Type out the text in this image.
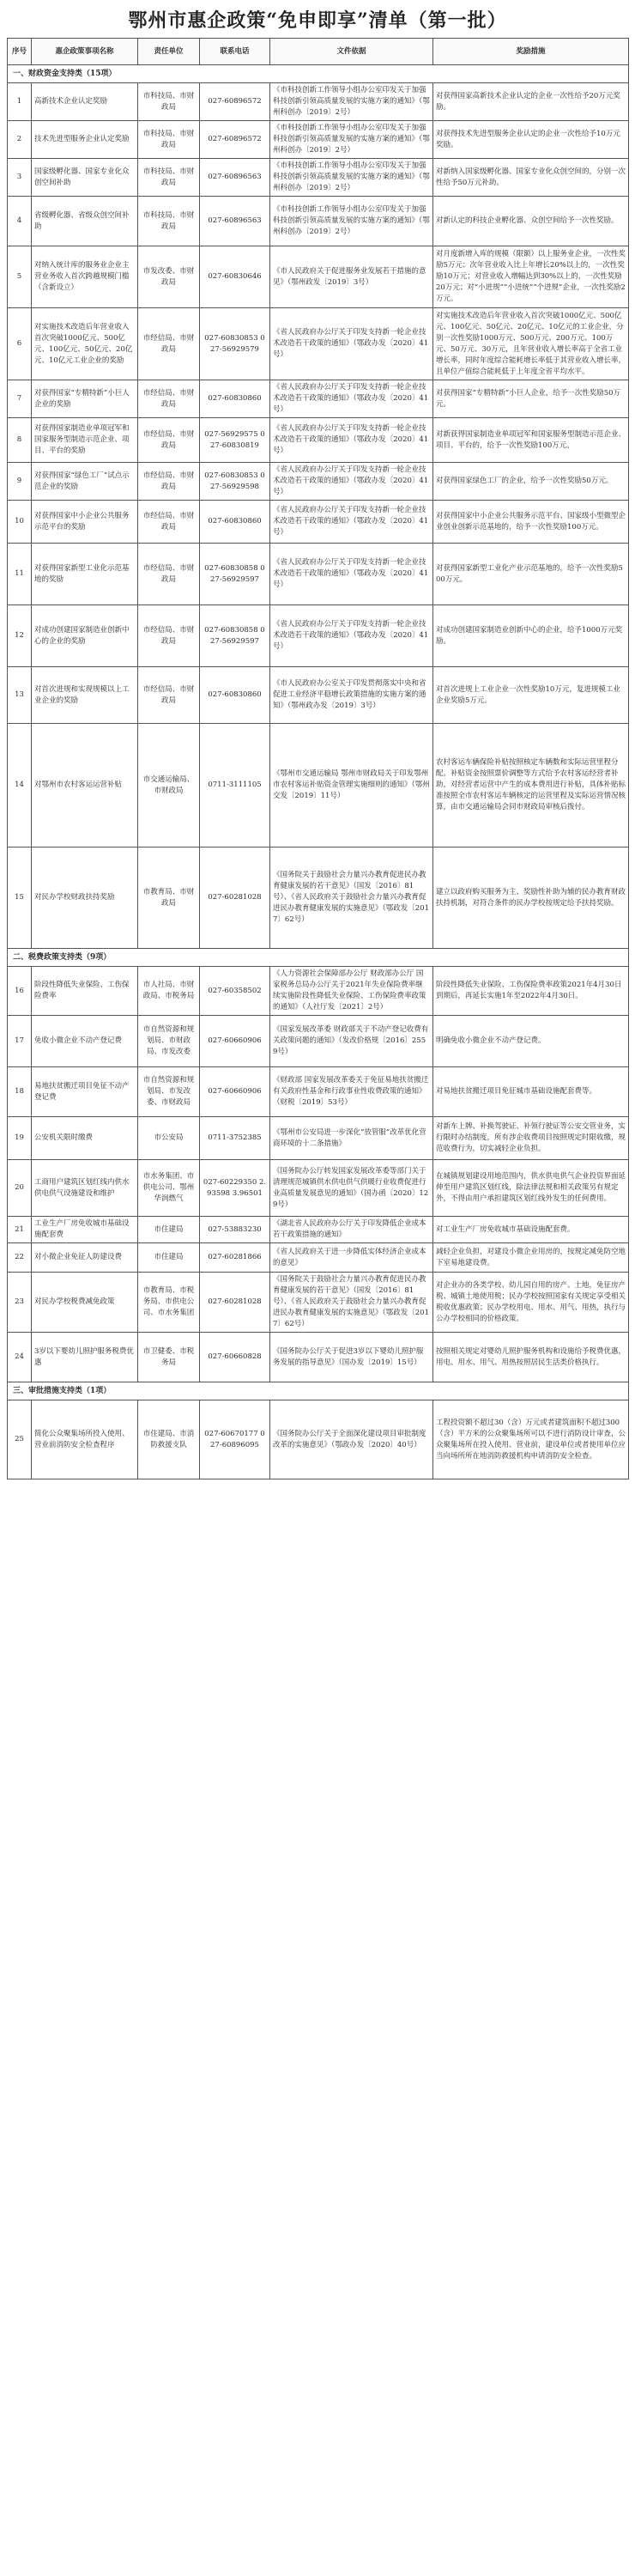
鄂州市惠企政策“免申即享”清单（第一批）
序号	惠企政策事项名称	责任单位	联系电话	文件依据	奖励措施
一、财政资金支持类（15项）					
1	高新技术企业认定奖励	市科技局、市财政局	027-60896572	《市科技创新工作领导小组办公室印发关于加强科技创新引领高质量发展的实施方案的通知》（鄂州科创办〔2019〕2号）	对获得国家高新技术企业认定的企业一次性给予20万元奖励。
2	技术先进型服务企业认定奖励	市科技局、市财政局	027-60896572	《市科技创新工作领导小组办公室印发关于加强科技创新引领高质量发展的实施方案的通知》（鄂州科创办〔2019〕2号）	对获得技术先进型服务企业认定的企业一次性给予10万元奖励。
3	国家级孵化器、国家专业化众创空间补助	市科技局、市财政局	027-60896563	《市科技创新工作领导小组办公室印发关于加强科技创新引领高质量发展的实施方案的通知》（鄂州科创办〔2019〕2号）	对新纳入国家级孵化器、国家专业化众创空间的，分别一次性给予50万元补助。
4	省级孵化器、省级众创空间补助	市科技局、市财政局	027-60896563	《市科技创新工作领导小组办公室印发关于加强科技创新引领高质量发展的实施方案的通知》（鄂州科创办〔2019〕2号）	对新认定的科技企业孵化器、众创空间给予一次性奖励。
5	对纳入统计库的服务业企业主营业务收入首次跨越规模门槛（含新设立）	市发改委、市财政局	027-60830646	《市人民政府关于促进服务业发展若干措施的意见》（鄂州政发〔2019〕3号）	对月度新增入库的规模（限额）以上服务业企业，一次性奖励5万元；次年营业收入比上年增长20%以上的，一次性奖励10万元；对营业收入增幅达到30%以上的，一次性奖励20万元；对“小进规”“小进统”“个进规”企业，一次性奖励2万元。
6	对实施技术改造后年营业收入首次突破1000亿元、500亿元、100亿元、50亿元、20亿元、10亿元工业企业的奖励	市经信局、市财政局	027-60830853 027-56929579	《省人民政府办公厅关于印发支持新一轮企业技术改造若干政策的通知》（鄂政办发〔2020〕41号）	对实施技术改造后年营业收入首次突破1000亿元、500亿元、100亿元、50亿元、20亿元、10亿元的工业企业，分别一次性奖励1000万元、500万元、200万元、100万元、50万元、30万元，且年营业收入增长率高于全省工业增长率，同时年度综合能耗增长率低于其营业收入增长率，且单位产值综合能耗低于上年度全省平均水平。
7	对获得国家“专精特新”小巨人企业的奖励	市经信局、市财政局	027-60830860	《省人民政府办公厅关于印发支持新一轮企业技术改造若干政策的通知》（鄂政办发〔2020〕41号）	对获得国家“专精特新”小巨人企业，给予一次性奖励50万元。
8	对获得国家制造业单项冠军和国家服务型制造示范企业、项目、平台的奖励	市经信局、市财政局	027-56929575 027-60830819	《省人民政府办公厅关于印发支持新一轮企业技术改造若干政策的通知》（鄂政办发〔2020〕41号）	对新获得国家制造业单项冠军和国家服务型制造示范企业、项目、平台的，给予一次性奖励100万元。
9	对获得国家“绿色工厂”试点示范企业的奖励	市经信局、市财政局	027-60830853 027-56929598	《省人民政府办公厅关于印发支持新一轮企业技术改造若干政策的通知》（鄂政办发〔2020〕41号）	对获得国家绿色工厂的企业，给予一次性奖励50万元。
10	对获得国家中小企业公共服务示范平台的奖励	市经信局、市财政局	027-60830860	《省人民政府办公厅关于印发支持新一轮企业技术改造若干政策的通知》（鄂政办发〔2020〕41号）	对获得国家中小企业公共服务示范平台、国家级小型微型企业创业创新示范基地的，给予一次性奖励100万元。
11	对获得国家新型工业化示范基地的奖励	市经信局、市财政局	027-60830858 027-56929597	《省人民政府办公厅关于印发支持新一轮企业技术改造若干政策的通知》（鄂政办发〔2020〕41号）	对获得国家新型工业化产业示范基地的，给予一次性奖励500万元。
12	对成功创建国家制造业创新中心的企业的奖励	市经信局、市财政局	027-60830858 027-56929597	《省人民政府办公厅关于印发支持新一轮企业技术改造若干政策的通知》（鄂政办发〔2020〕41号）	对成功创建国家制造业创新中心的企业，给予1000万元奖励。
13	对首次进规和实现规模以上工业企业的奖励	市经信局、市财政局	027-60830860	《市人民政府办公室关于印发贯彻落实中央和省促进工业经济平稳增长政策措施的实施方案的通知》（鄂州政办发〔2019〕3号）	对首次进规上工业企业一次性奖励10万元，复进规模工业企业奖励5万元。
14	对鄂州市农村客运运营补贴	市交通运输局、市财政局	0711-3111105	《鄂州市交通运输局 鄂州市财政局关于印发鄂州市农村客运补贴资金管理实施细则的通知》（鄂州交发〔2019〕11号）	农村客运车辆保险补贴按照核定车辆数和实际运营里程分配。补贴资金按照票价调整等方式给予农村客运经营者补助，对经营者运营中产生的成本费用进行补贴，具体补贴标准按照全市农村客运车辆核定的运营里程及实际运营情况核算，由市交通运输局会同市财政局审核后拨付。
15	对民办学校财政扶持奖励	市教育局、市财政局	027-60281028	《国务院关于鼓励社会力量兴办教育促进民办教育健康发展的若干意见》（国发〔2016〕81号）、《省人民政府关于鼓励社会力量兴办教育促进民办教育健康发展的实施意见》（鄂政发〔2017〕62号）	建立以政府购买服务为主、奖励性补助为辅的民办教育财政扶持机制，对符合条件的民办学校按规定给予扶持奖励。
二、税费政策支持类（9项）					
16	阶段性降低失业保险、工伤保险费率	市人社局、市财政局、市税务局	027-60358502	《人力资源社会保障部办公厅 财政部办公厅 国家税务总局办公厅关于2021年失业保险费率继续实施阶段性降低失业保险、工伤保险费率政策的通知》（人社厅发〔2021〕2号）	阶段性降低失业保险、工伤保险费率政策2021年4月30日到期后，再延长实施1年至2022年4月30日。
17	免收小微企业不动产登记费	市自然资源和规划局、市财政局、市发改委	027-60660906	《国家发展改革委 财政部关于不动产登记收费有关政策问题的通知》（发改价格规〔2016〕2559号）	明确免收小微企业不动产登记费。
18	易地扶贫搬迁项目免征不动产登记费	市自然资源和规划局、市发改委、市财政局	027-60660906	《财政部 国家发展改革委关于免征易地扶贫搬迁有关政府性基金和行政事业性收费政策的通知》（财税〔2019〕53号）	对易地扶贫搬迁项目免征城市基础设施配套费等。
19	公安机关限时缴费	市公安局	0711-3752385	《鄂州市公安局进一步深化“放管服”改革优化营商环境的十二条措施》	对新车上牌、补换驾驶证、补领行驶证等公安交管业务，实行限时办结制度，所有涉企收费项目按照规定时限收缴，规范收费行为，切实减轻企业负担。
20	工商用户建筑区划红线内供水供电供气设施建设和维护	市水务集团、市供电公司、鄂州华润燃气	027-60229350 2.93598 3.96501	《国务院办公厅转发国家发展改革委等部门关于清理规范城镇供水供电供气供暖行业收费促进行业高质量发展意见的通知》（国办函〔2020〕129号）	在城镇规划建设用地范围内，供水供电供气企业投资界面延伸至用户建筑区划红线，除法律法规和相关政策另有规定外，不得由用户承担建筑区划红线外发生的任何费用。
21	工业生产厂房免收城市基础设施配套费	市住建局	027-53883230	《湖北省人民政府办公厅关于印发降低企业成本若干政策措施的通知》	对工业生产厂房免收城市基础设施配套费。
22	对小微企业免征人防建设费	市住建局	027-60281866	《省人民政府关于进一步降低实体经济企业成本的意见》	减轻企业负担，对建设小微企业用房的，按规定减免防空地下室易地建设费。
23	对民办学校税费减免政策	市教育局、市税务局、市供电公司、市水务集团	027-60281028	《国务院关于鼓励社会力量兴办教育促进民办教育健康发展的若干意见》（国发〔2016〕81号）、《省人民政府关于鼓励社会力量兴办教育促进民办教育健康发展的实施意见》（鄂政发〔2017〕62号）	对企业办的各类学校、幼儿园自用的房产、土地，免征房产税、城镇土地使用税；民办学校按照国家有关规定享受相关税收优惠政策；民办学校用电、用水、用气、用热，执行与公办学校相同的价格政策。
24	3岁以下婴幼儿照护服务税费优惠	市卫健委、市税务局	027-60660828	《国务院办公厅关于促进3岁以下婴幼儿照护服务发展的指导意见》（国办发〔2019〕15号）	按照相关规定对婴幼儿照护服务机构和设施给予税费优惠，用电、用水、用气、用热按照居民生活类价格执行。
三、审批措施支持类（1项）					
25	简化公众聚集场所投入使用、营业前消防安全检查程序	市住建局、市消防救援支队	027-60670177 027-60896095	《国务院办公厅关于全面深化建设项目审批制度改革的实施意见》（鄂政办发〔2020〕40号）	工程投资额不超过30（含）万元或者建筑面积不超过300（含）平方米的公众聚集场所可以不进行消防设计审查，公众聚集场所在投入使用、营业前，建设单位或者使用单位应当向场所所在地消防救援机构申请消防安全检查。
